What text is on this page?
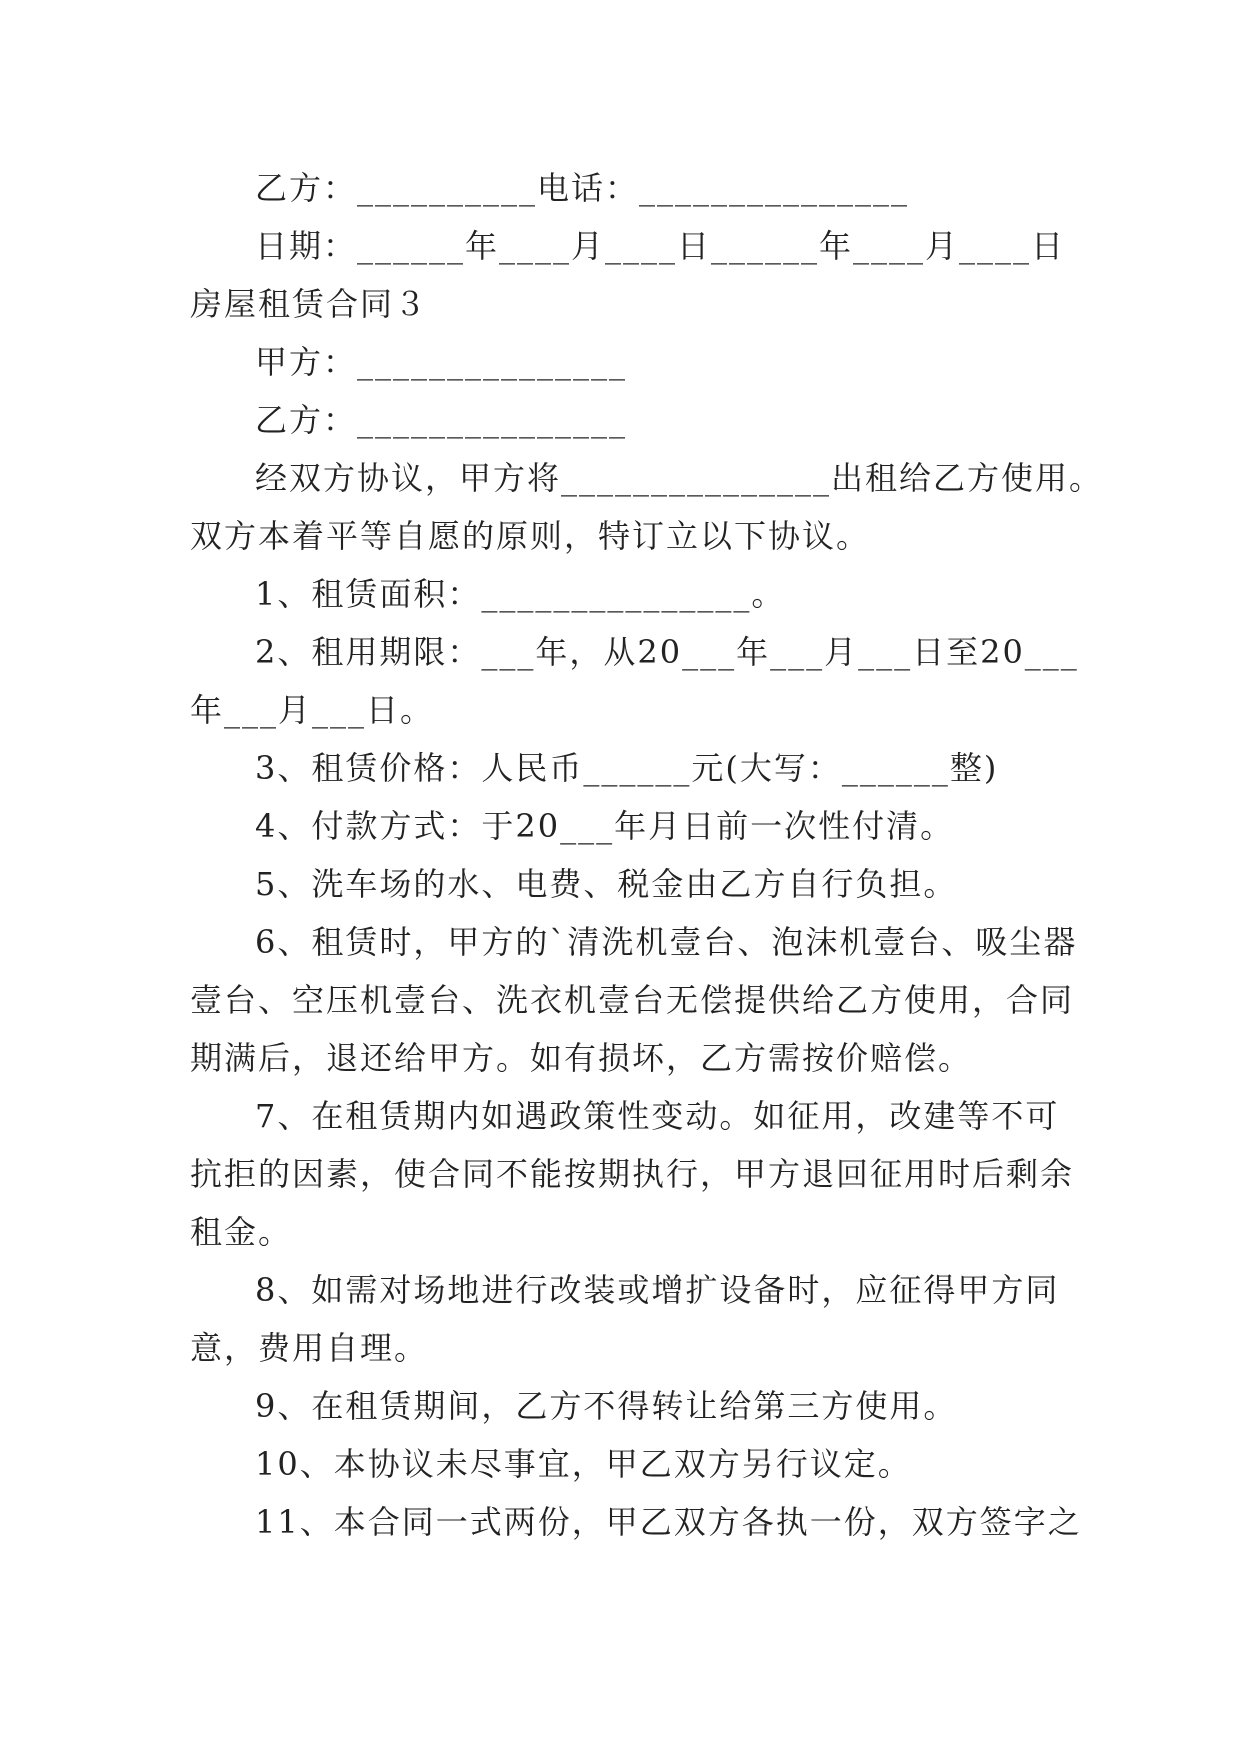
乙方：__________电话：_______________
日期：______年____月____日______年____月____日
房屋租赁合同３
甲方：_______________
乙方：_______________
经双方协议，甲方将_______________出租给乙方使用。
双方本着平等自愿的原则，特订立以下协议。
1、租赁面积：_______________。
2、租用期限：___年，从20___年___月___日至20___
年___月___日。
3、租赁价格：人民币______元(大写：______整)
4、付款方式：于20___年月日前一次性付清。
5、洗车场的水、电费、税金由乙方自行负担。
6、租赁时，甲方的`清洗机壹台、泡沫机壹台、吸尘器
壹台、空压机壹台、洗衣机壹台无偿提供给乙方使用，合同
期满后，退还给甲方。如有损坏，乙方需按价赔偿。
7、在租赁期内如遇政策性变动。如征用，改建等不可
抗拒的因素，使合同不能按期执行，甲方退回征用时后剩余
租金。
8、如需对场地进行改装或增扩设备时，应征得甲方同
意，费用自理。
9、在租赁期间，乙方不得转让给第三方使用。
10、本协议未尽事宜，甲乙双方另行议定。
11、本合同一式两份，甲乙双方各执一份，双方签字之
